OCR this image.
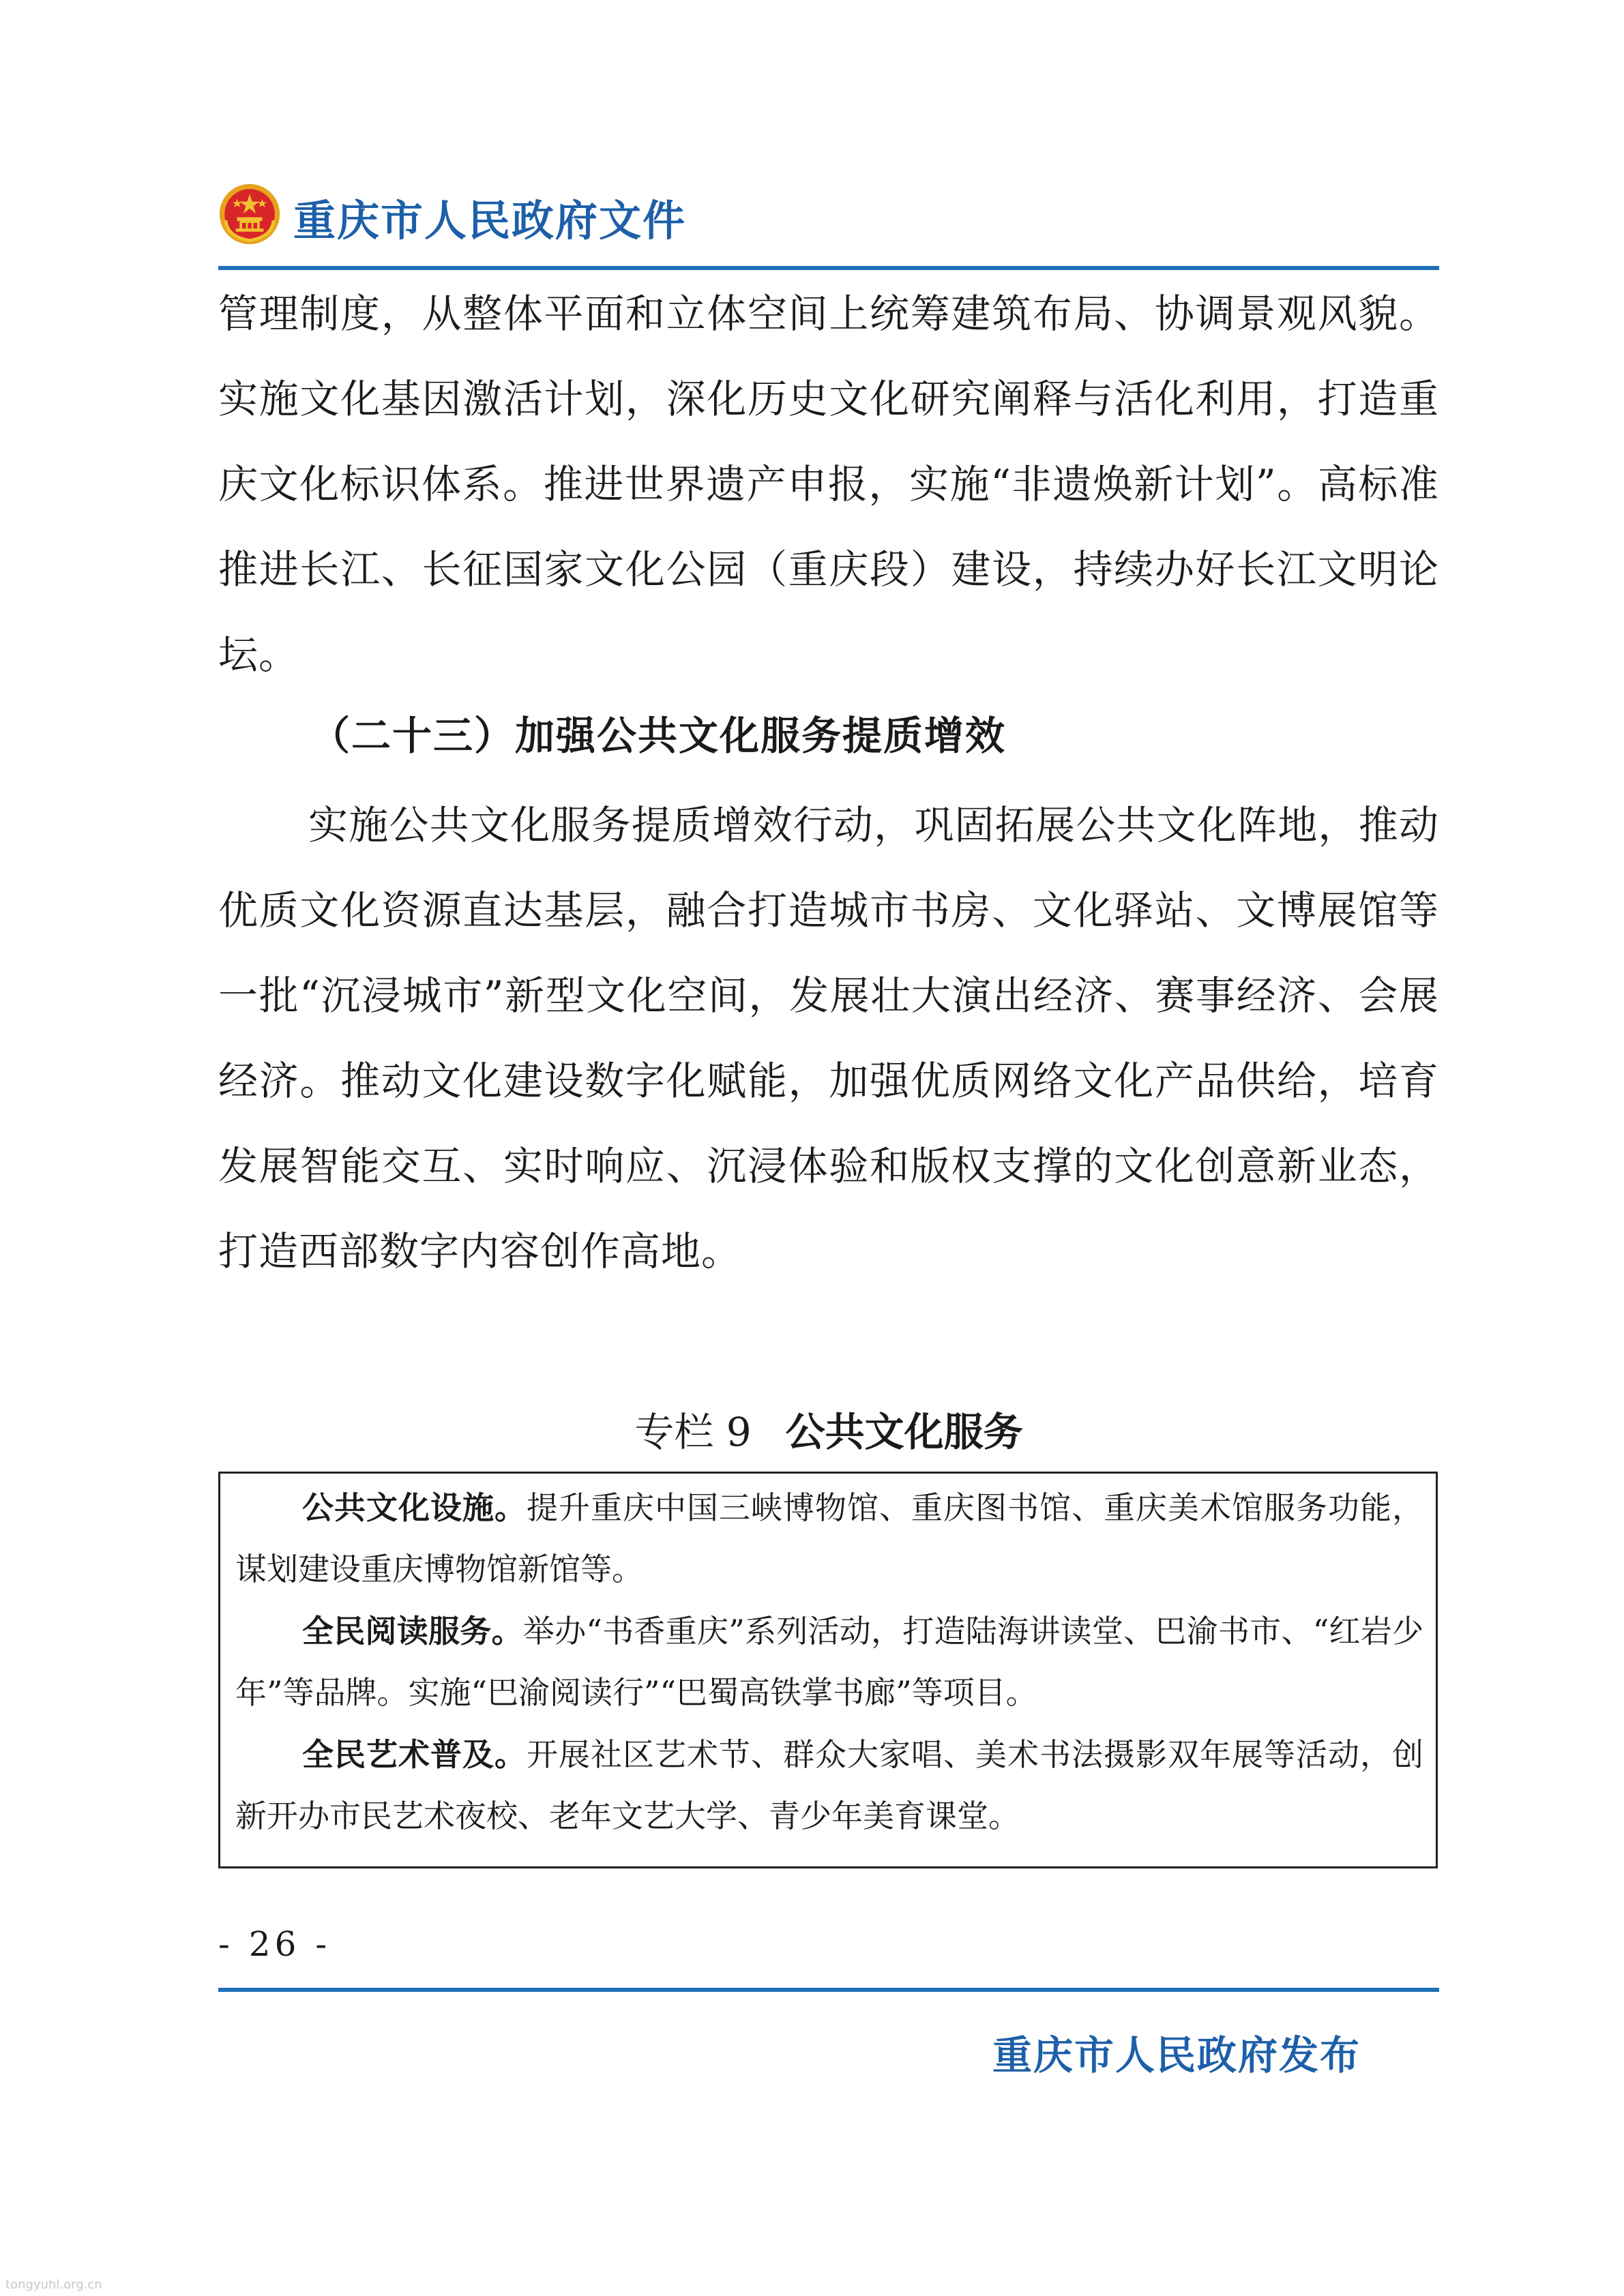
重庆市人民政府文件
管理制度，从整体平面和立体空间上统筹建筑布局、协调景观风貌。实施文化基因激活计划，深化历史文化研究阐释与活化利用，打造重庆文化标识体系。推进世界遗产申报，实施“非遗焕新计划”。高标准推进长江、长征国家文化公园（重庆段）建设，持续办好长江文明论坛。
（二十三）加强公共文化服务提质增效
实施公共文化服务提质增效行动，巩固拓展公共文化阵地，推动优质文化资源直达基层，融合打造城市书房、文化驿站、文博展馆等一批“沉浸城市”新型文化空间，发展壮大演出经济、赛事经济、会展经济。推动文化建设数字化赋能，加强优质网络文化产品供给，培育发展智能交互、实时响应、沉浸体验和版权支撑的文化创意新业态，打造西部数字内容创作高地。
专栏 9 公共文化服务
公共文化设施。提升重庆中国三峡博物馆、重庆图书馆、重庆美术馆服务功能，谋划建设重庆博物馆新馆等。
全民阅读服务。举办“书香重庆”系列活动，打造陆海讲读堂、巴渝书市、“红岩少年”等品牌。实施“巴渝阅读行”“巴蜀高铁掌书廊”等项目。
全民艺术普及。开展社区艺术节、群众大家唱、美术书法摄影双年展等活动，创新开办市民艺术夜校、老年文艺大学、青少年美育课堂。
- 26 -
重庆市人民政府发布
tongyuhl.org.cn
